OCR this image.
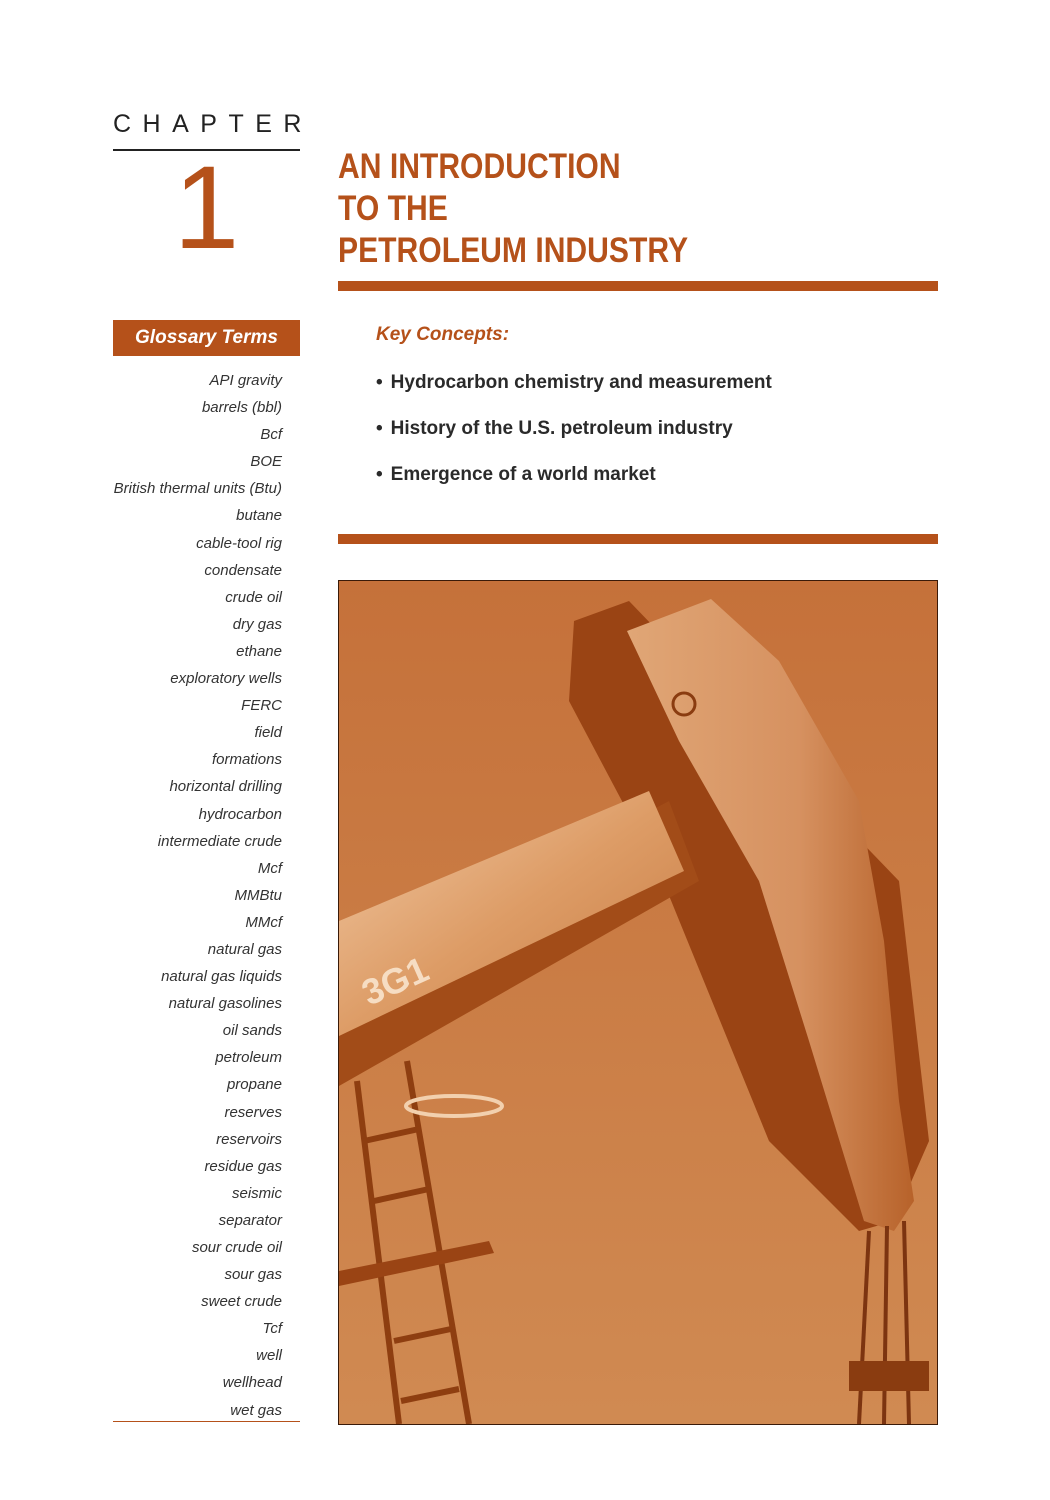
CHAPTER
1	AN INTRODUCTION
TO THE
PETROLEUM INDUSTRY
Glossary Terms
API gravity
barrels (bbl)
Bcf
BOE
British thermal units (Btu)
butane
cable-tool rig
condensate
crude oil
dry gas
ethane
exploratory wells
FERC
field
formations
horizontal drilling
hydrocarbon
intermediate crude
Mcf
MMBtu
MMcf
natural gas
natural gas liquids
natural gasolines
oil sands
petroleum
propane
reserves
reservoirs
residue gas
seismic
separator
sour crude oil
sour gas
sweet crude
Tcf
well
wellhead
wet gas
Key Concepts:
• Hydrocarbon chemistry and measurement
• History of the U.S. petroleum industry
• Emergence of a world market
3G1
